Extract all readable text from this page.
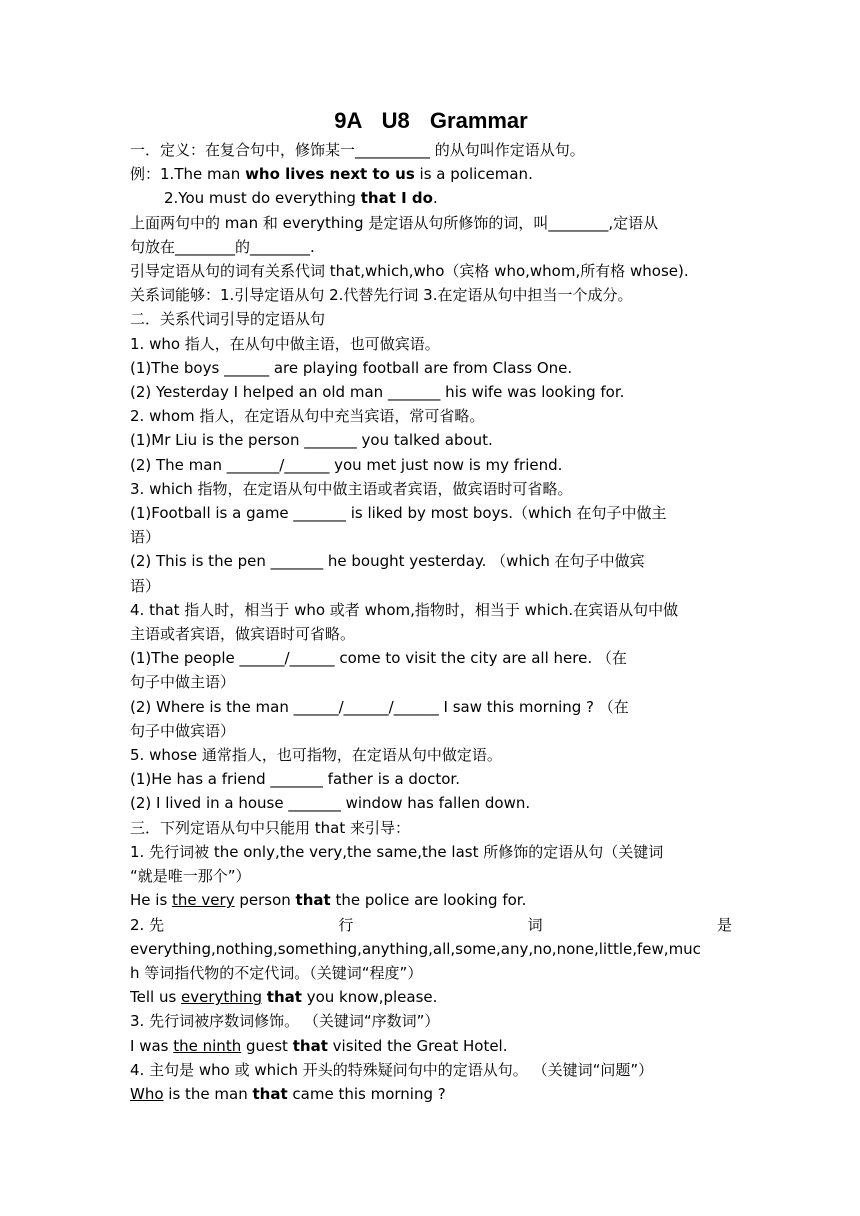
9A U8 Grammar

一．定义：在复合句中，修饰某一__________ 的从句叫作定语从句。

例：1.The man who lives next to us is a policeman.

2.You must do everything that I do.

上面两句中的 man 和 everything 是定语从句所修饰的词，叫________,定语从

句放在________的________.

引导定语从句的词有关系代词 that,which,who（宾格 who,whom,所有格 whose).

关系词能够：1.引导定语从句 2.代替先行词 3.在定语从句中担当一个成分。

二．关系代词引导的定语从句

1. who 指人，在从句中做主语，也可做宾语。

(1)The boys ______ are playing football are from Class One.

(2) Yesterday I helped an old man _______ his wife was looking for.

2. whom 指人，在定语从句中充当宾语，常可省略。

(1)Mr Liu is the person _______ you talked about.

(2) The man _______/______ you met just now is my friend.

3. which 指物，在定语从句中做主语或者宾语，做宾语时可省略。

(1)Football is a game _______ is liked by most boys.（which 在句子中做主

语）

(2) This is the pen _______ he bought yesterday. （which 在句子中做宾

语）

4. that 指人时，相当于 who 或者 whom,指物时，相当于 which.在宾语从句中做

主语或者宾语，做宾语时可省略。

(1)The people ______/______ come to visit the city are all here. （在

句子中做主语）

(2) Where is the man ______/______/______ I saw this morning ? （在

句子中做宾语）

5. whose 通常指人，也可指物，在定语从句中做定语。

(1)He has a friend _______ father is a doctor.

(2) I lived in a house _______ window has fallen down.

三．下列定语从句中只能用 that 来引导：

1. 先行词被 the only,the very,the same,the last 所修饰的定语从句（关键词

“就是唯一那个”）

He is the very person that the police are looking for.

2. 先	行	词	是

everything,nothing,something,anything,all,some,any,no,none,little,few,muc

h 等词指代物的不定代词。（关键词“程度”）

Tell us everything that you know,please.

3. 先行词被序数词修饰。 （关键词“序数词”）

I was the ninth guest that visited the Great Hotel.

4. 主句是 who 或 which 开头的特殊疑问句中的定语从句。 （关键词“问题”）

Who is the man that came this morning ?
